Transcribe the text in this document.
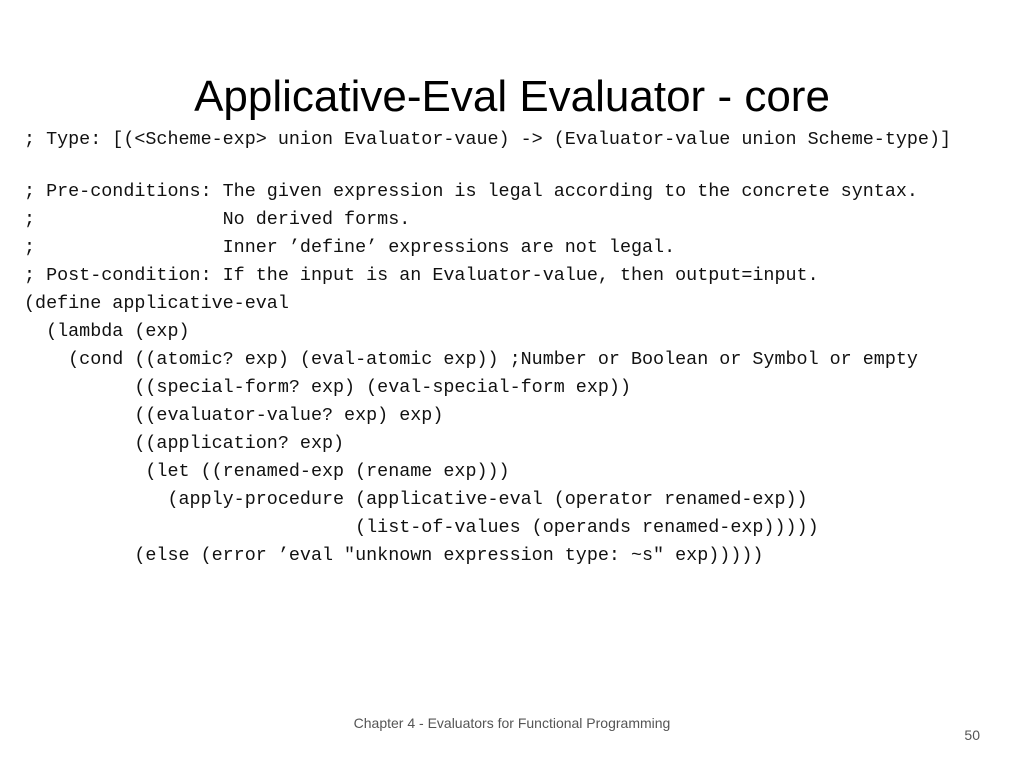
Applicative-Eval Evaluator - core
; Type: [(<Scheme-exp> union Evaluator-vaue) -> (Evaluator-value union Scheme-type)]
; Pre-conditions: The given expression is legal according to the concrete syntax.
;                 No derived forms.
;                 Inner ’define’ expressions are not legal.
; Post-condition: If the input is an Evaluator-value, then output=input.
(define applicative-eval
(lambda (exp)
(cond ((atomic? exp) (eval-atomic exp)) ;Number or Boolean or Symbol or empty
((special-form? exp) (eval-special-form exp))
((evaluator-value? exp) exp)
((application? exp)
(let ((renamed-exp (rename exp)))
(apply-procedure (applicative-eval (operator renamed-exp))
(list-of-values (operands renamed-exp)))))
(else (error ’eval "unknown expression type: ~s" exp)))))
Chapter 4 - Evaluators for Functional Programming
50
